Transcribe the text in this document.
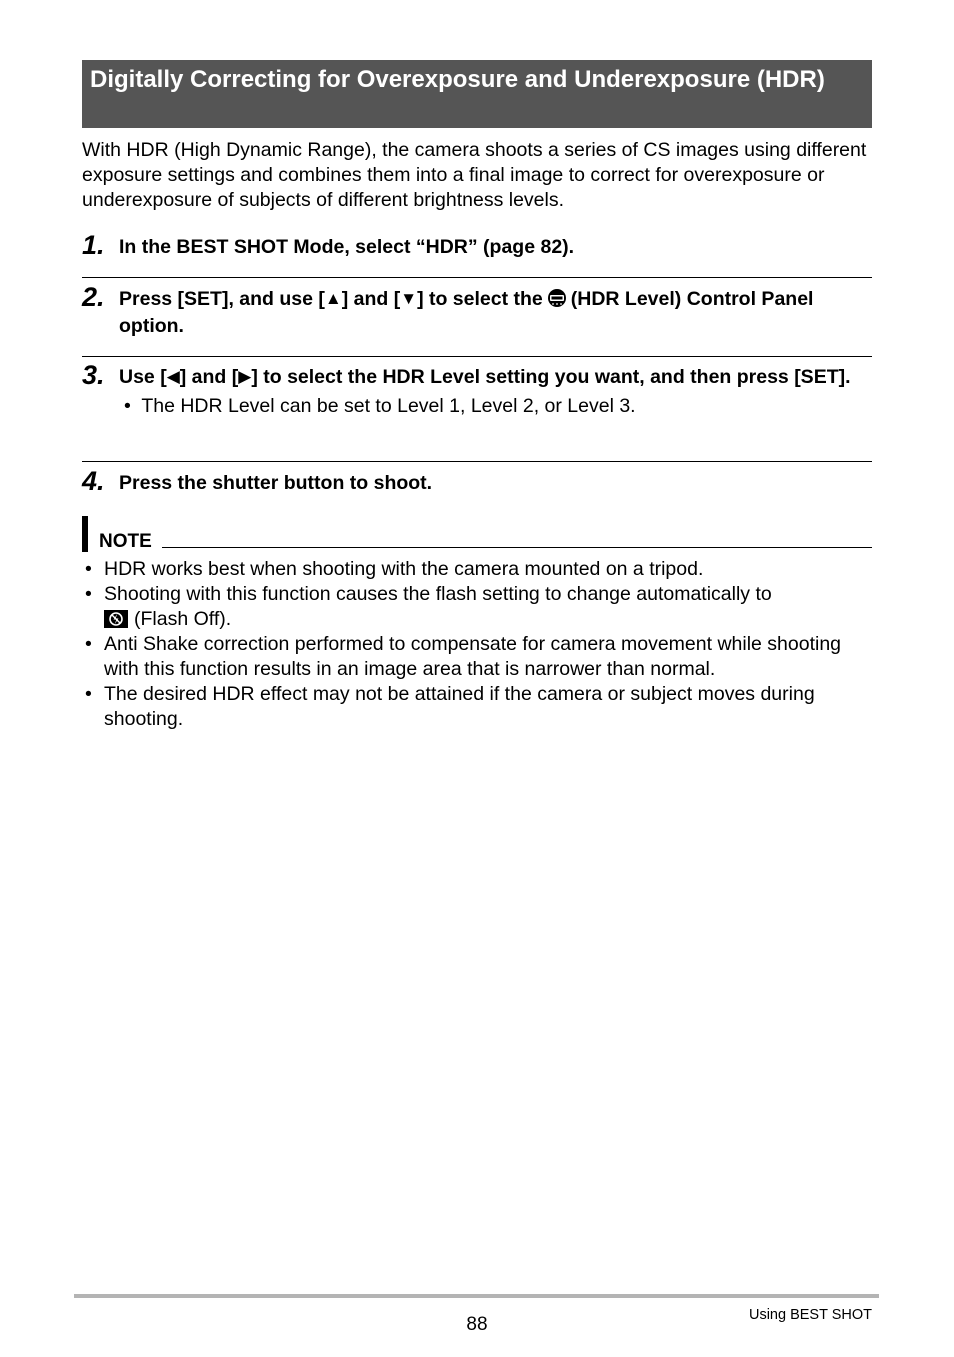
Digitally Correcting for Overexposure and Underexposure (HDR)
With HDR (High Dynamic Range), the camera shoots a series of CS images using different exposure settings and combines them into a final image to correct for overexposure or underexposure of subjects of different brightness levels.
1. In the BEST SHOT Mode, select “HDR” (page 82).
2. Press [SET], and use [▲] and [▼] to select the (HDR Level) Control Panel option.
3. Use [◀] and [▶] to select the HDR Level setting you want, and then press [SET].
• The HDR Level can be set to Level 1, Level 2, or Level 3.
4. Press the shutter button to shoot.
NOTE
• HDR works best when shooting with the camera mounted on a tripod.
• Shooting with this function causes the flash setting to change automatically to
(Flash Off).
• Anti Shake correction performed to compensate for camera movement while shooting with this function results in an image area that is narrower than normal.
• The desired HDR effect may not be attained if the camera or subject moves during shooting.
88	Using BEST SHOT
